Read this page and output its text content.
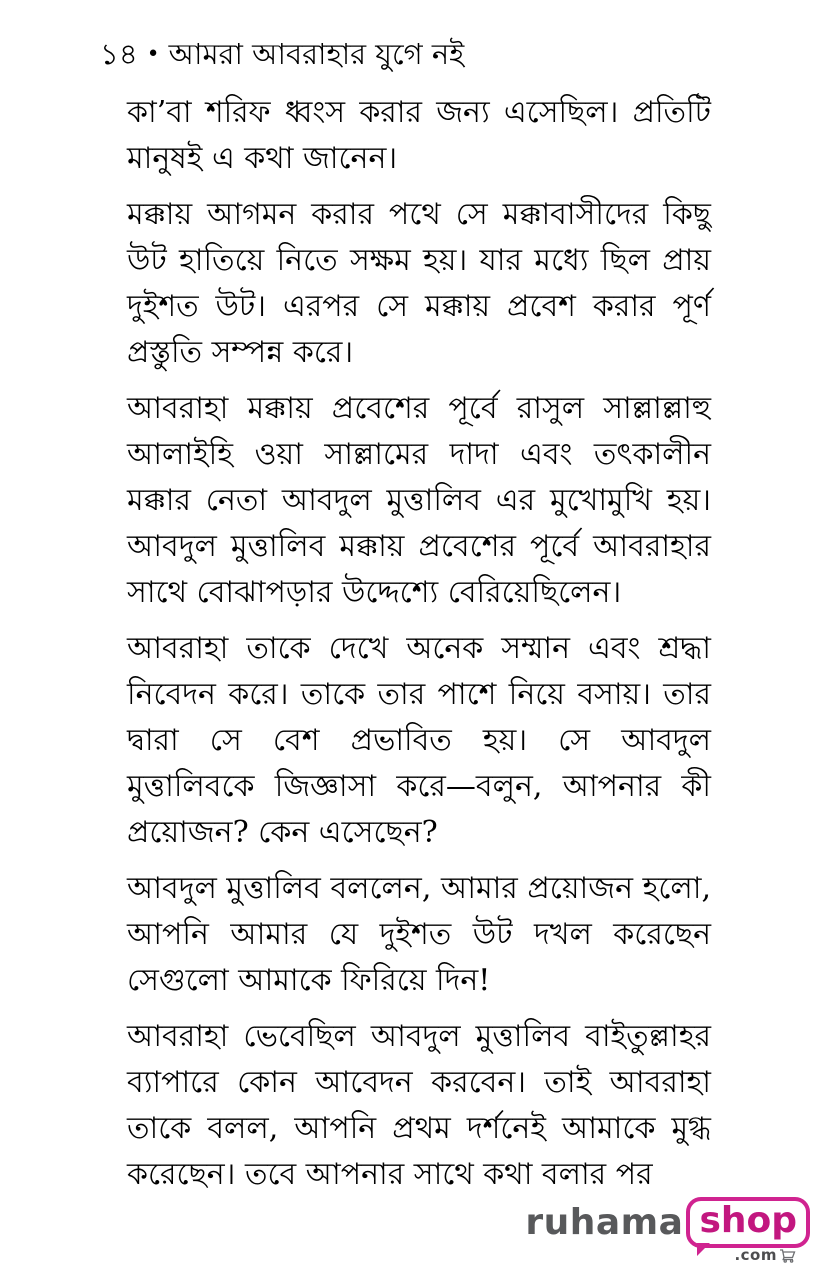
১৪ • আমরা আবরাহার যুগে নই

কা’বা শরিফ ধ্বংস করার জন্য এসেছিল। প্রতিটি মানুষই এ কথা জানেন।

মক্কায় আগমন করার পথে সে মক্কাবাসীদের কিছু উট হাতিয়ে নিতে সক্ষম হয়। যার মধ্যে ছিল প্রায় দুইশত উট। এরপর সে মক্কায় প্রবেশ করার পূর্ণ প্রস্তুতি সম্পন্ন করে।

আবরাহা মক্কায় প্রবেশের পূর্বে রাসুল সাল্লাল্লাহু আলাইহি ওয়া সাল্লামের দাদা এবং তৎকালীন মক্কার নেতা আবদুল মুত্তালিব এর মুখোমুখি হয়। আবদুল মুত্তালিব মক্কায় প্রবেশের পূর্বে আবরাহার সাথে বোঝাপড়ার উদ্দেশ্যে বেরিয়েছিলেন।

আবরাহা তাকে দেখে অনেক সম্মান এবং শ্রদ্ধা নিবেদন করে। তাকে তার পাশে নিয়ে বসায়। তার দ্বারা সে বেশ প্রভাবিত হয়। সে আবদুল মুত্তালিবকে জিজ্ঞাসা করে—বলুন, আপনার কী প্রয়োজন? কেন এসেছেন?

আবদুল মুত্তালিব বললেন, আমার প্রয়োজন হলো, আপনি আমার যে দুইশত উট দখল করেছেন সেগুলো আমাকে ফিরিয়ে দিন!

আবরাহা ভেবেছিল আবদুল মুত্তালিব বাইতুল্লাহর ব্যাপারে কোন আবেদন করবেন। তাই আবরাহা তাকে বলল, আপনি প্রথম দর্শনেই আমাকে মুগ্ধ করেছেন। তবে আপনার সাথে কথা বলার পর

ruhama shop
.com
